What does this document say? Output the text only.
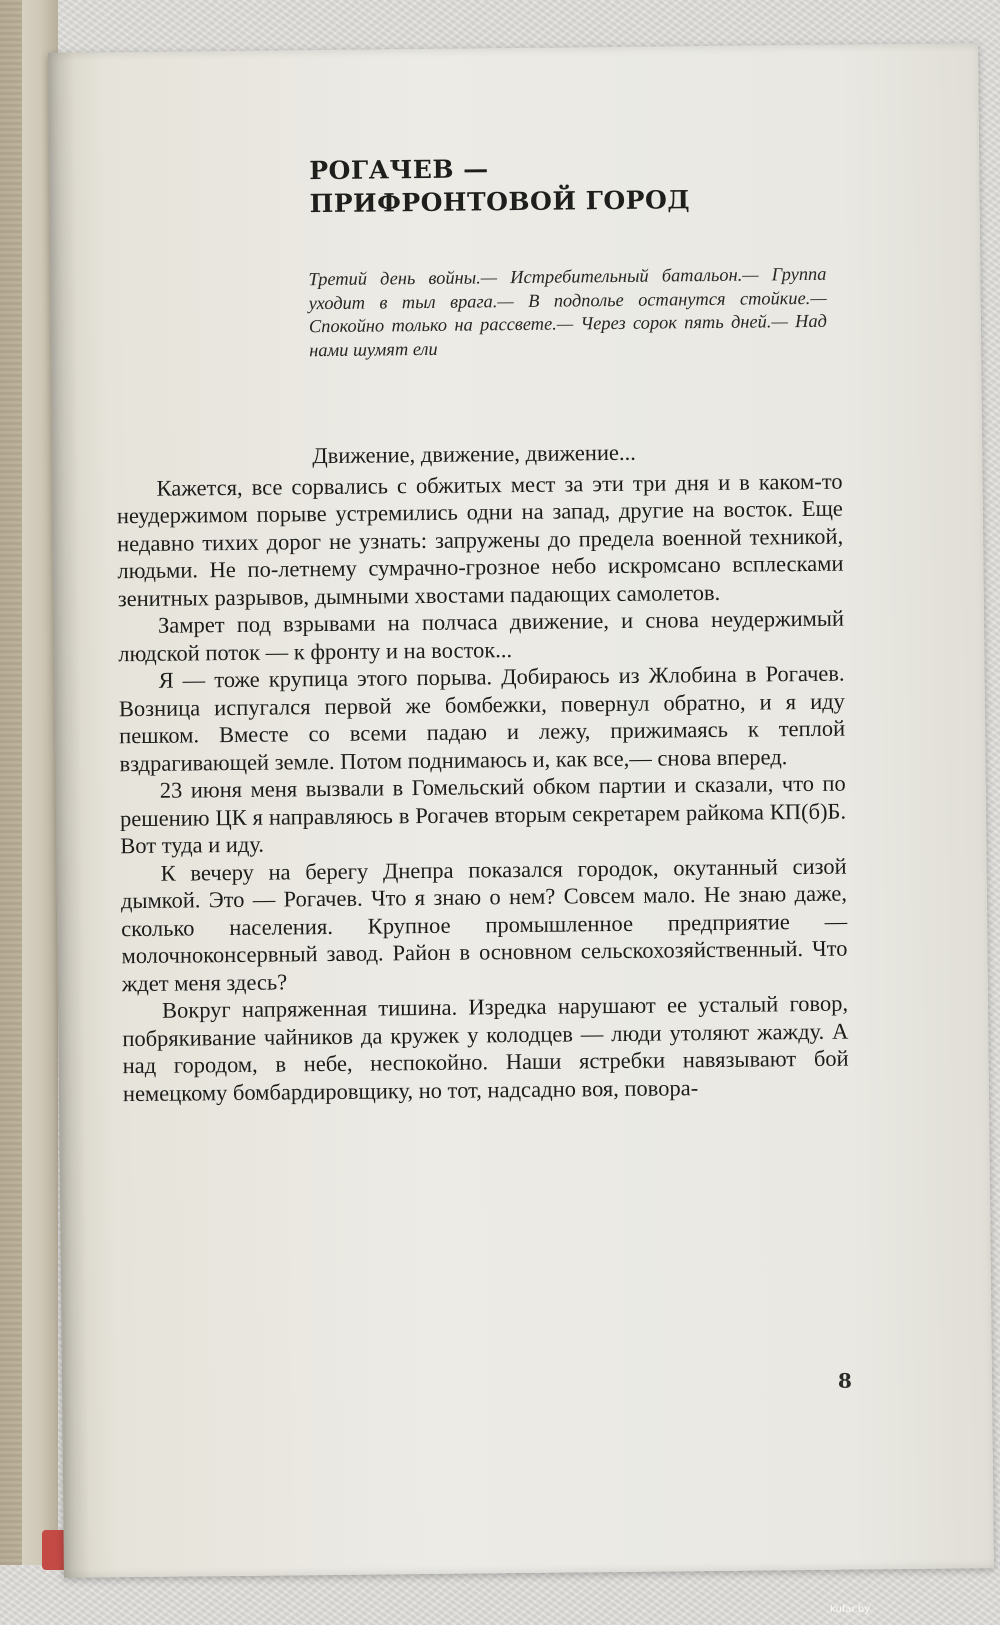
РОГАЧЕВ —
ПРИФРОНТОВОЙ ГОРОД

Третий день войны.— Истребительный батальон.— Группа уходит в тыл врага.— В подполье останутся стойкие.— Спокойно только на рассвете.— Через сорок пять дней.— Над нами шумят ели

Движение, движение, движение...

Кажется, все сорвались с обжитых мест за эти три дня и в каком-то неудержимом порыве устремились одни на запад, другие на восток. Еще недавно тихих дорог не узнать: запружены до предела военной техникой, людьми. Не по-летнему сумрачно-грозное небо искромсано всплесками зенитных разрывов, дымными хвостами падающих самолетов.

Замрет под взрывами на полчаса движение, и снова неудержимый людской поток — к фронту и на восток...

Я — тоже крупица этого порыва. Добираюсь из Жлобина в Рогачев. Возница испугался первой же бомбежки, повернул обратно, и я иду пешком. Вместе со всеми падаю и лежу, прижимаясь к теплой вздрагивающей земле. Потом поднимаюсь и, как все,— снова вперед.

23 июня меня вызвали в Гомельский обком партии и сказали, что по решению ЦК я направляюсь в Рогачев вторым секретарем райкома КП(б)Б. Вот туда и иду.

К вечеру на берегу Днепра показался городок, окутанный сизой дымкой. Это — Рогачев. Что я знаю о нем? Совсем мало. Не знаю даже, сколько населения. Крупное промышленное предприятие — молочноконсервный завод. Район в основном сельскохозяйственный. Что ждет меня здесь?

Вокруг напряженная тишина. Изредка нарушают ее усталый говор, побрякивание чайников да кружек у колодцев — люди утоляют жажду. А над городом, в небе, неспокойно. Наши ястребки навязывают бой немецкому бомбардировщику, но тот, надсадно воя, повора-

8
kufar.by
